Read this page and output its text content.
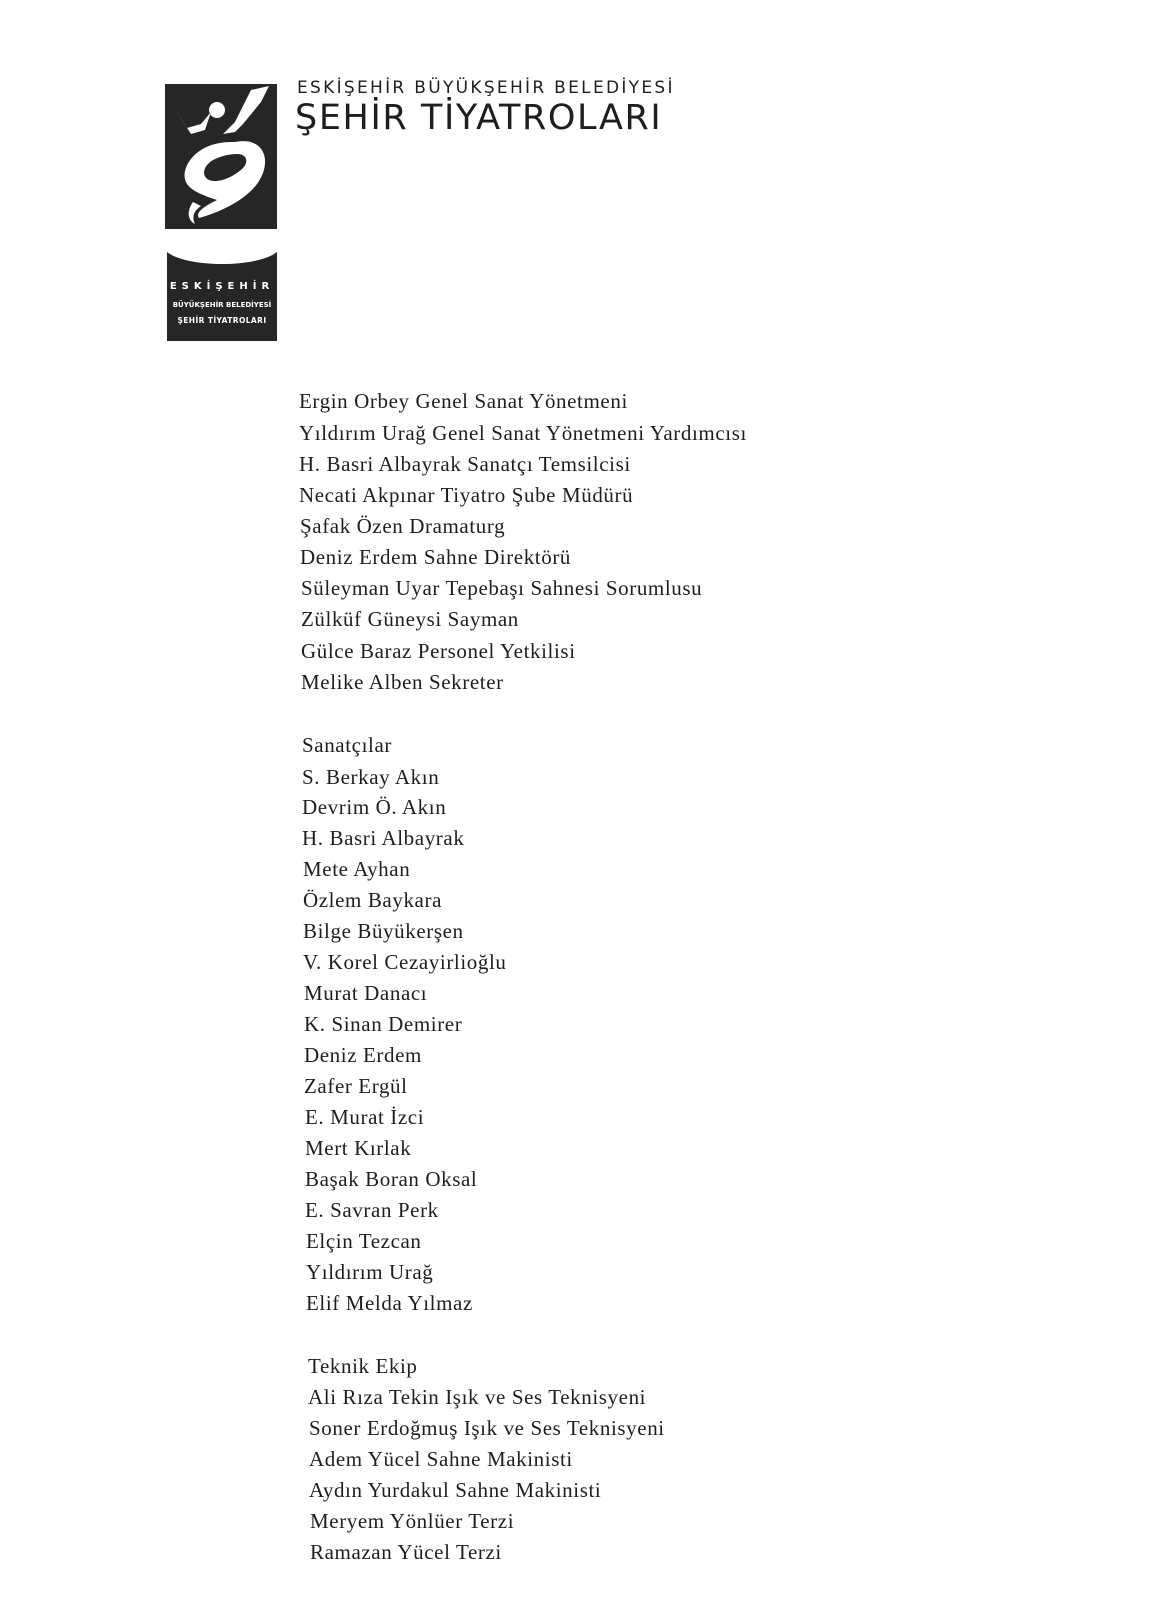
ESKİŞEHİR
BÜYÜKŞEHİR BELEDİYESİ
ŞEHİR TİYATROLARI
ESKİŞEHİR BÜYÜKŞEHİR BELEDİYESİ
ŞEHİR TİYATROLARI
Ergin Orbey Genel Sanat Yönetmeni
Yıldırım Urağ Genel Sanat Yönetmeni Yardımcısı
H. Basri Albayrak Sanatçı Temsilcisi
Necati Akpınar Tiyatro Şube Müdürü
Şafak Özen Dramaturg
Deniz Erdem Sahne Direktörü
Süleyman Uyar Tepebaşı Sahnesi Sorumlusu
Zülküf Güneysi Sayman
Gülce Baraz Personel Yetkilisi
Melike Alben Sekreter
Sanatçılar
S. Berkay Akın
Devrim Ö. Akın
H. Basri Albayrak
Mete Ayhan
Özlem Baykara
Bilge Büyükerşen
V. Korel Cezayirlioğlu
Murat Danacı
K. Sinan Demirer
Deniz Erdem
Zafer Ergül
E. Murat İzci
Mert Kırlak
Başak Boran Oksal
E. Savran Perk
Elçin Tezcan
Yıldırım Urağ
Elif Melda Yılmaz
Teknik Ekip
Ali Rıza Tekin Işık ve Ses Teknisyeni
Soner Erdoğmuş Işık ve Ses Teknisyeni
Adem Yücel Sahne Makinisti
Aydın Yurdakul Sahne Makinisti
Meryem Yönlüer Terzi
Ramazan Yücel Terzi
